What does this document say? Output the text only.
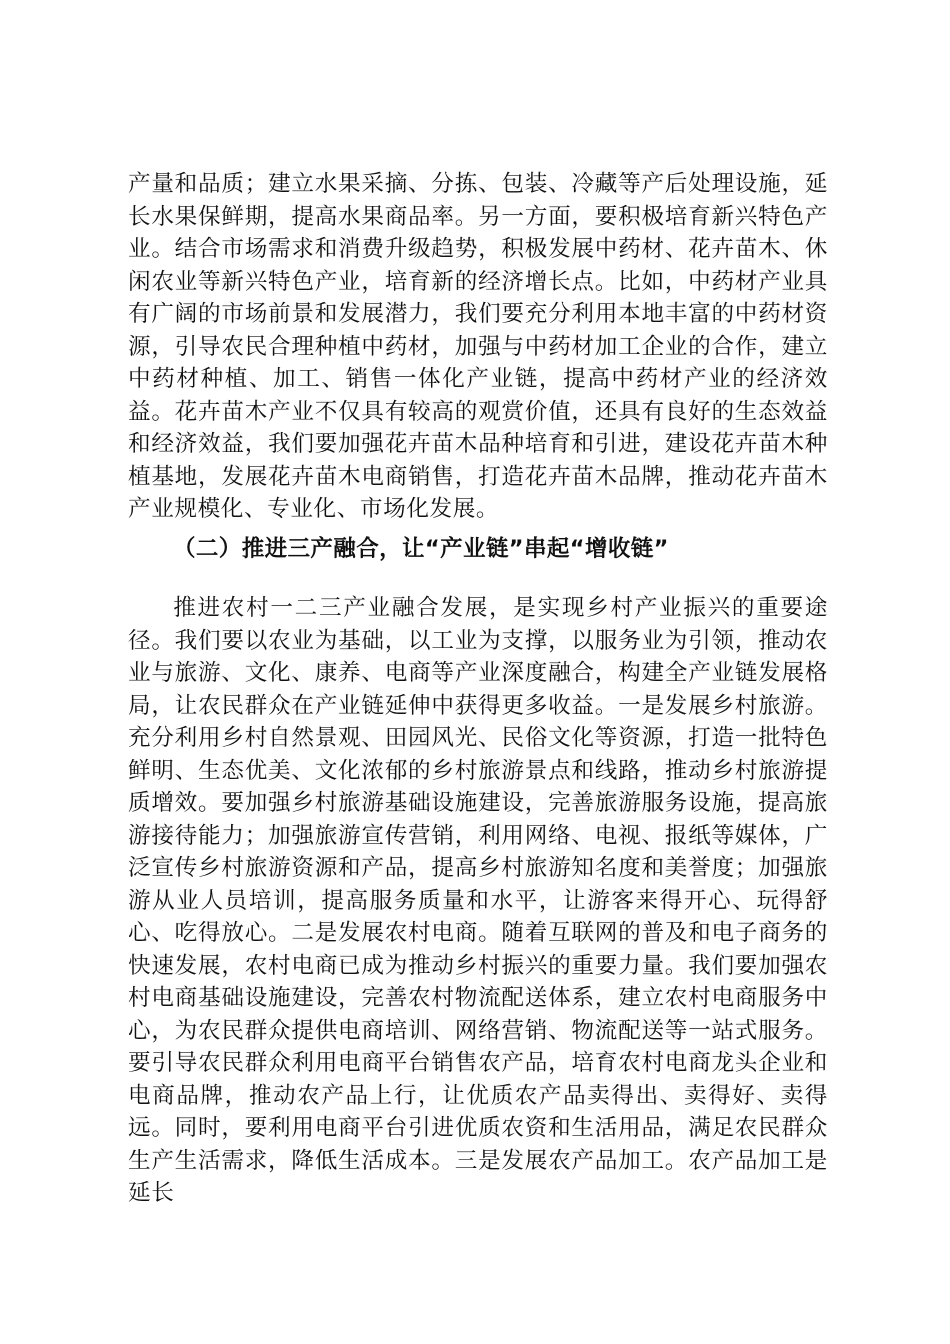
产量和品质；建立水果采摘、分拣、包装、冷藏等产后处理设施，延长水果保鲜期，提高水果商品率。另一方面，要积极培育新兴特色产业。结合市场需求和消费升级趋势，积极发展中药材、花卉苗木、休闲农业等新兴特色产业，培育新的经济增长点。比如，中药材产业具有广阔的市场前景和发展潜力，我们要充分利用本地丰富的中药材资源，引导农民合理种植中药材，加强与中药材加工企业的合作，建立中药材种植、加工、销售一体化产业链，提高中药材产业的经济效益。花卉苗木产业不仅具有较高的观赏价值，还具有良好的生态效益和经济效益，我们要加强花卉苗木品种培育和引进，建设花卉苗木种植基地，发展花卉苗木电商销售，打造花卉苗木品牌，推动花卉苗木产业规模化、专业化、市场化发展。
（二）推进三产融合，让“产业链”串起“增收链”
推进农村一二三产业融合发展，是实现乡村产业振兴的重要途径。我们要以农业为基础，以工业为支撑，以服务业为引领，推动农业与旅游、文化、康养、电商等产业深度融合，构建全产业链发展格局，让农民群众在产业链延伸中获得更多收益。一是发展乡村旅游。充分利用乡村自然景观、田园风光、民俗文化等资源，打造一批特色鲜明、生态优美、文化浓郁的乡村旅游景点和线路，推动乡村旅游提质增效。要加强乡村旅游基础设施建设，完善旅游服务设施，提高旅游接待能力；加强旅游宣传营销，利用网络、电视、报纸等媒体，广泛宣传乡村旅游资源和产品，提高乡村旅游知名度和美誉度；加强旅游从业人员培训，提高服务质量和水平，让游客来得开心、玩得舒心、吃得放心。二是发展农村电商。随着互联网的普及和电子商务的快速发展，农村电商已成为推动乡村振兴的重要力量。我们要加强农村电商基础设施建设，完善农村物流配送体系，建立农村电商服务中心，为农民群众提供电商培训、网络营销、物流配送等一站式服务。要引导农民群众利用电商平台销售农产品，培育农村电商龙头企业和电商品牌，推动农产品上行，让优质农产品卖得出、卖得好、卖得远。同时，要利用电商平台引进优质农资和生活用品，满足农民群众生产生活需求，降低生活成本。三是发展农产品加工。农产品加工是延长
